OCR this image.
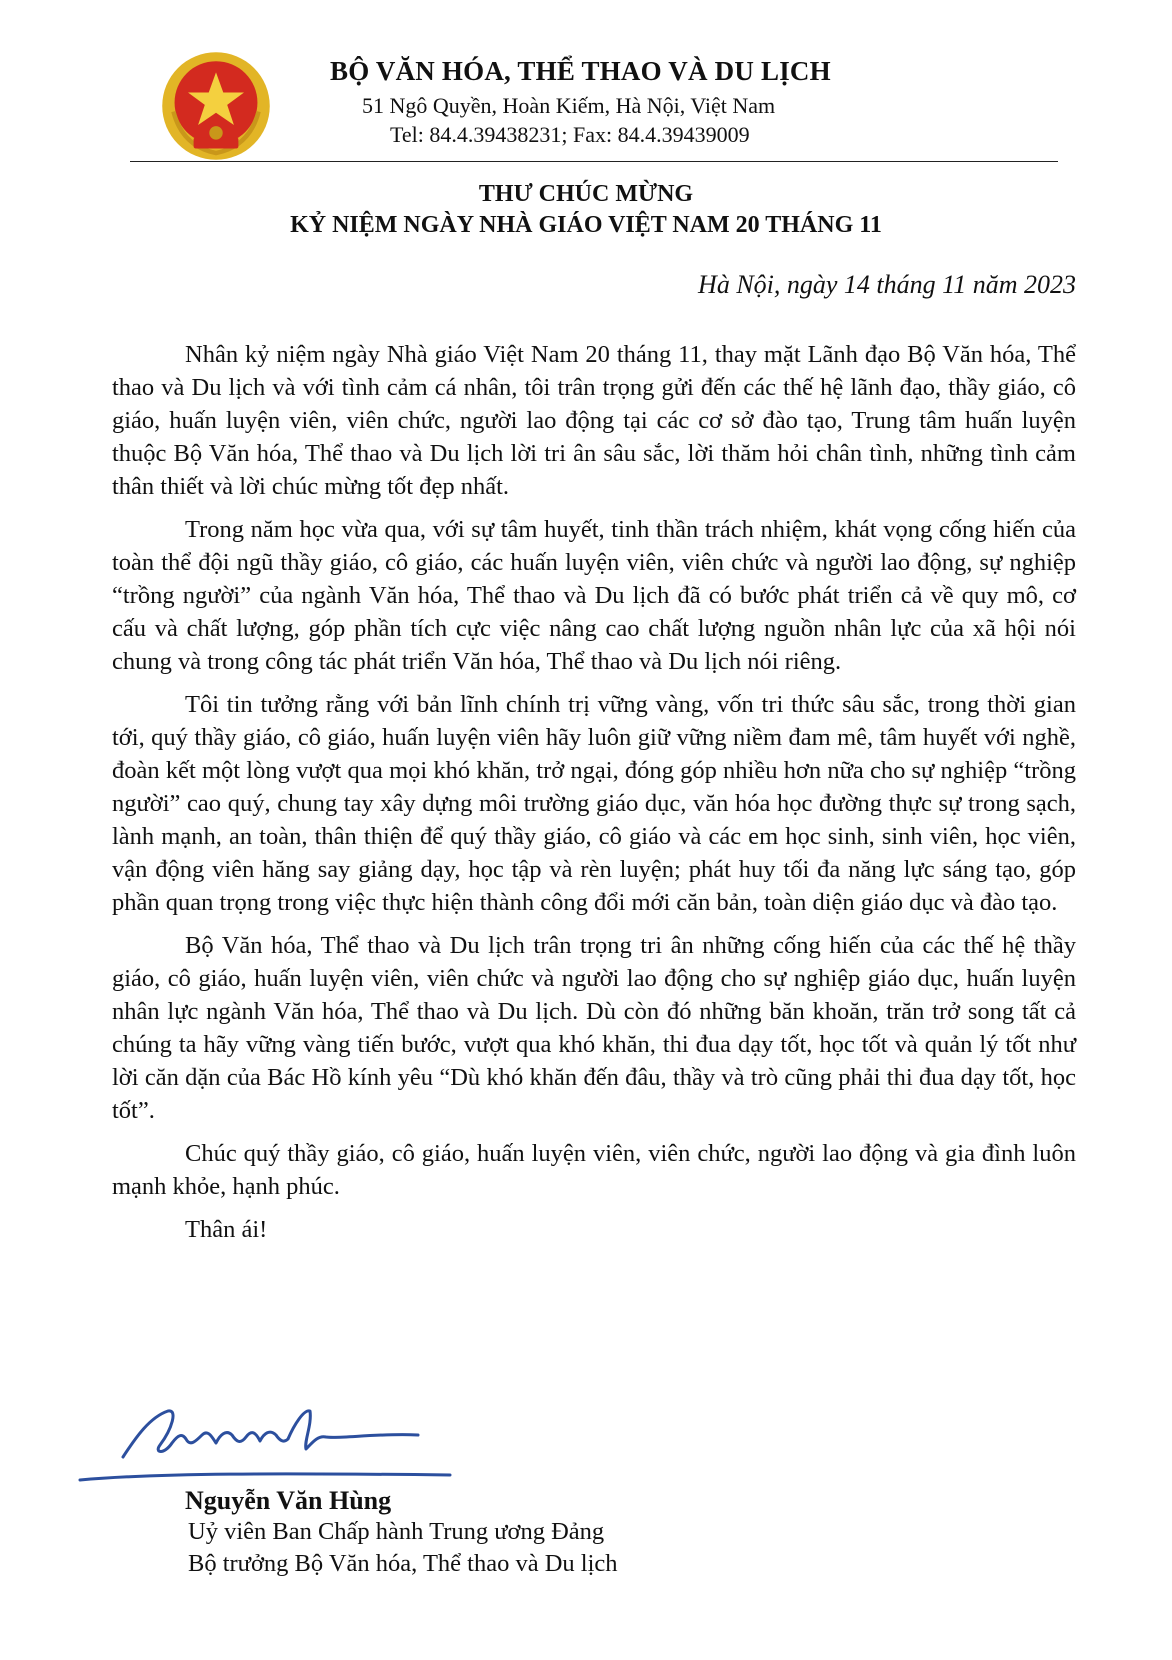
BỘ VĂN HÓA, THỂ THAO VÀ DU LỊCH
51 Ngô Quyền, Hoàn Kiếm, Hà Nội, Việt Nam
Tel: 84.4.39438231; Fax: 84.4.39439009
THƯ CHÚC MỪNG
KỶ NIỆM NGÀY NHÀ GIÁO VIỆT NAM 20 THÁNG 11
Hà Nội, ngày 14 tháng 11 năm 2023

Nhân kỷ niệm ngày Nhà giáo Việt Nam 20 tháng 11, thay mặt Lãnh đạo Bộ Văn hóa, Thể thao và Du lịch và với tình cảm cá nhân, tôi trân trọng gửi đến các thế hệ lãnh đạo, thầy giáo, cô giáo, huấn luyện viên, viên chức, người lao động tại các cơ sở đào tạo, Trung tâm huấn luyện thuộc Bộ Văn hóa, Thể thao và Du lịch lời tri ân sâu sắc, lời thăm hỏi chân tình, những tình cảm thân thiết và lời chúc mừng tốt đẹp nhất.

Trong năm học vừa qua, với sự tâm huyết, tinh thần trách nhiệm, khát vọng cống hiến của toàn thể đội ngũ thầy giáo, cô giáo, các huấn luyện viên, viên chức và người lao động, sự nghiệp “trồng người” của ngành Văn hóa, Thể thao và Du lịch đã có bước phát triển cả về quy mô, cơ cấu và chất lượng, góp phần tích cực việc nâng cao chất lượng nguồn nhân lực của xã hội nói chung và trong công tác phát triển Văn hóa, Thể thao và Du lịch nói riêng.

Tôi tin tưởng rằng với bản lĩnh chính trị vững vàng, vốn tri thức sâu sắc, trong thời gian tới, quý thầy giáo, cô giáo, huấn luyện viên hãy luôn giữ vững niềm đam mê, tâm huyết với nghề, đoàn kết một lòng vượt qua mọi khó khăn, trở ngại, đóng góp nhiều hơn nữa cho sự nghiệp “trồng người” cao quý, chung tay xây dựng môi trường giáo dục, văn hóa học đường thực sự trong sạch, lành mạnh, an toàn, thân thiện để quý thầy giáo, cô giáo và các em học sinh, sinh viên, học viên, vận động viên hăng say giảng dạy, học tập và rèn luyện; phát huy tối đa năng lực sáng tạo, góp phần quan trọng trong việc thực hiện thành công đổi mới căn bản, toàn diện giáo dục và đào tạo.

Bộ Văn hóa, Thể thao và Du lịch trân trọng tri ân những cống hiến của các thế hệ thầy giáo, cô giáo, huấn luyện viên, viên chức và người lao động cho sự nghiệp giáo dục, huấn luyện nhân lực ngành Văn hóa, Thể thao và Du lịch. Dù còn đó những băn khoăn, trăn trở song tất cả chúng ta hãy vững vàng tiến bước, vượt qua khó khăn, thi đua dạy tốt, học tốt và quản lý tốt như lời căn dặn của Bác Hồ kính yêu “Dù khó khăn đến đâu, thầy và trò cũng phải thi đua dạy tốt, học tốt”.

Chúc quý thầy giáo, cô giáo, huấn luyện viên, viên chức, người lao động và gia đình luôn mạnh khỏe, hạnh phúc.

Thân ái!

Nguyễn Văn Hùng
Uỷ viên Ban Chấp hành Trung ương Đảng
Bộ trưởng Bộ Văn hóa, Thể thao và Du lịch
